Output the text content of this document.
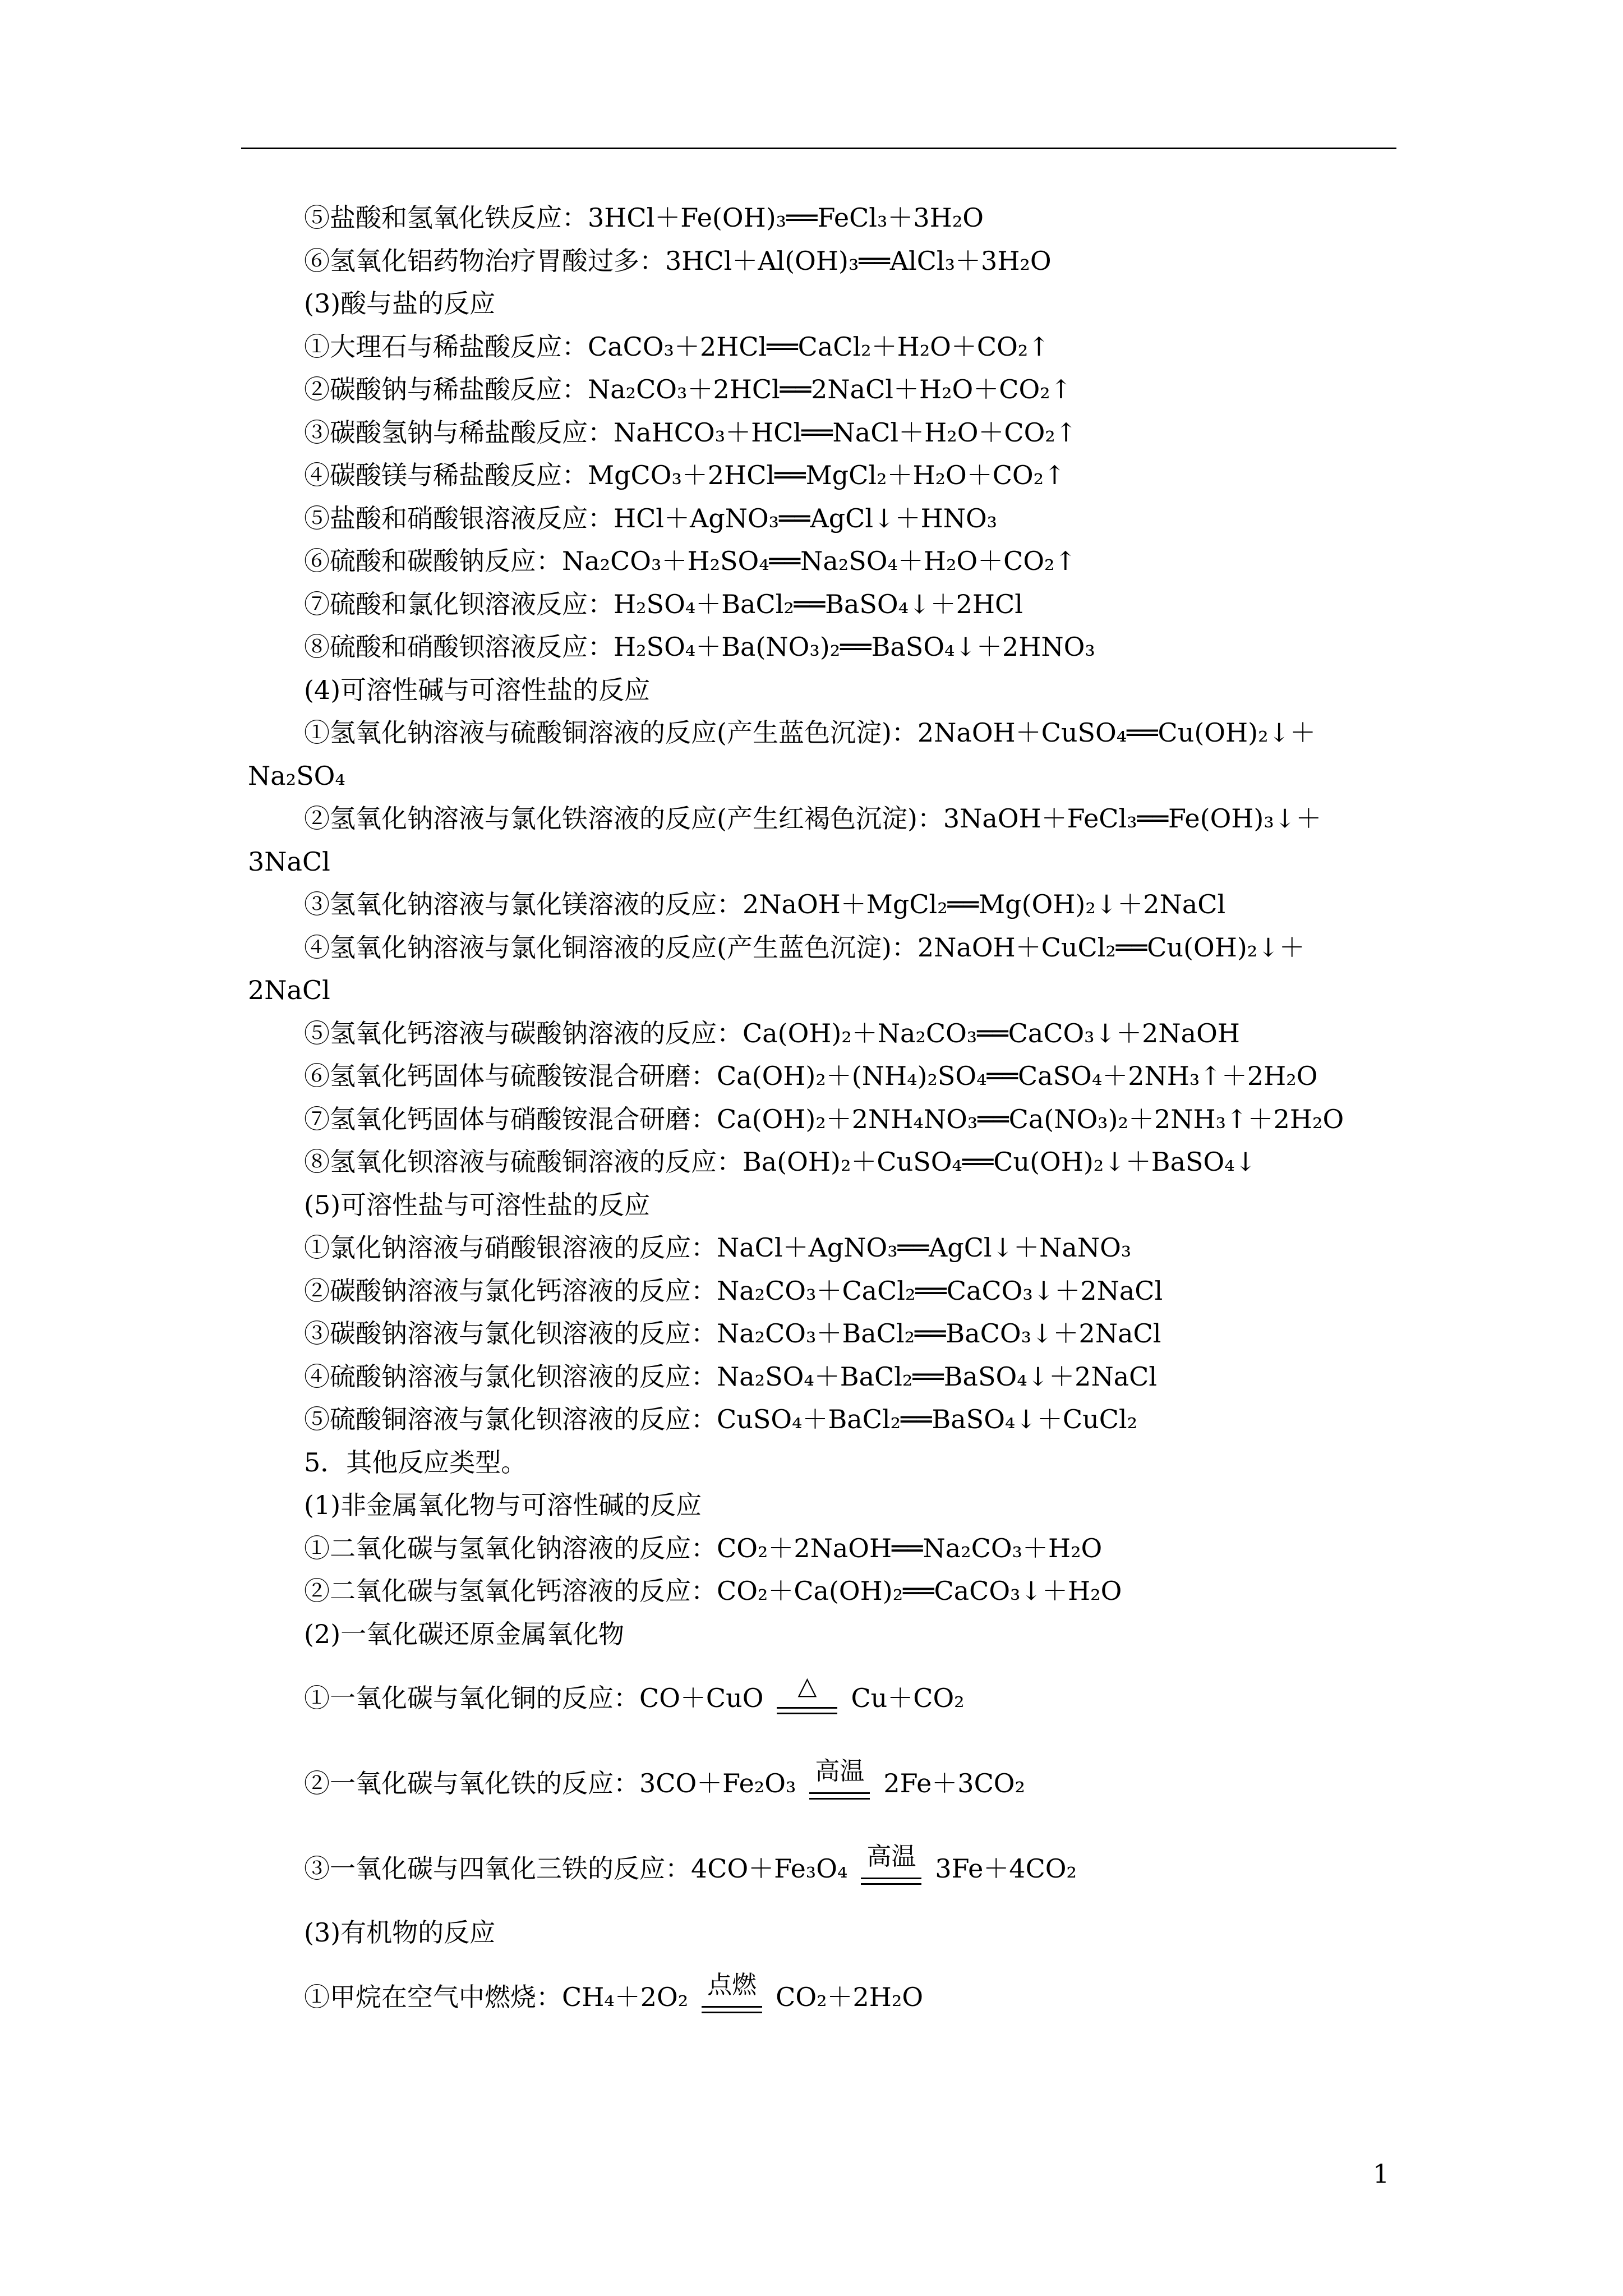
⑤盐酸和氢氧化铁反应：3HCl＋Fe(OH)₃══FeCl₃＋3H₂O
⑥氢氧化铝药物治疗胃酸过多：3HCl＋Al(OH)₃══AlCl₃＋3H₂O
(3)酸与盐的反应
①大理石与稀盐酸反应：CaCO₃＋2HCl══CaCl₂＋H₂O＋CO₂↑
②碳酸钠与稀盐酸反应：Na₂CO₃＋2HCl══2NaCl＋H₂O＋CO₂↑
③碳酸氢钠与稀盐酸反应：NaHCO₃＋HCl══NaCl＋H₂O＋CO₂↑
④碳酸镁与稀盐酸反应：MgCO₃＋2HCl══MgCl₂＋H₂O＋CO₂↑
⑤盐酸和硝酸银溶液反应：HCl＋AgNO₃══AgCl↓＋HNO₃
⑥硫酸和碳酸钠反应：Na₂CO₃＋H₂SO₄══Na₂SO₄＋H₂O＋CO₂↑
⑦硫酸和氯化钡溶液反应：H₂SO₄＋BaCl₂══BaSO₄↓＋2HCl
⑧硫酸和硝酸钡溶液反应：H₂SO₄＋Ba(NO₃)₂══BaSO₄↓＋2HNO₃
(4)可溶性碱与可溶性盐的反应
①氢氧化钠溶液与硫酸铜溶液的反应(产生蓝色沉淀)：2NaOH＋CuSO₄══Cu(OH)₂↓＋
Na₂SO₄
②氢氧化钠溶液与氯化铁溶液的反应(产生红褐色沉淀)：3NaOH＋FeCl₃══Fe(OH)₃↓＋
3NaCl
③氢氧化钠溶液与氯化镁溶液的反应：2NaOH＋MgCl₂══Mg(OH)₂↓＋2NaCl
④氢氧化钠溶液与氯化铜溶液的反应(产生蓝色沉淀)：2NaOH＋CuCl₂══Cu(OH)₂↓＋
2NaCl
⑤氢氧化钙溶液与碳酸钠溶液的反应：Ca(OH)₂＋Na₂CO₃══CaCO₃↓＋2NaOH
⑥氢氧化钙固体与硫酸铵混合研磨：Ca(OH)₂＋(NH₄)₂SO₄══CaSO₄＋2NH₃↑＋2H₂O
⑦氢氧化钙固体与硝酸铵混合研磨：Ca(OH)₂＋2NH₄NO₃══Ca(NO₃)₂＋2NH₃↑＋2H₂O
⑧氢氧化钡溶液与硫酸铜溶液的反应：Ba(OH)₂＋CuSO₄══Cu(OH)₂↓＋BaSO₄↓
(5)可溶性盐与可溶性盐的反应
①氯化钠溶液与硝酸银溶液的反应：NaCl＋AgNO₃══AgCl↓＋NaNO₃
②碳酸钠溶液与氯化钙溶液的反应：Na₂CO₃＋CaCl₂══CaCO₃↓＋2NaCl
③碳酸钠溶液与氯化钡溶液的反应：Na₂CO₃＋BaCl₂══BaCO₃↓＋2NaCl
④硫酸钠溶液与氯化钡溶液的反应：Na₂SO₄＋BaCl₂══BaSO₄↓＋2NaCl
⑤硫酸铜溶液与氯化钡溶液的反应：CuSO₄＋BaCl₂══BaSO₄↓＋CuCl₂
5．其他反应类型。
(1)非金属氧化物与可溶性碱的反应
①二氧化碳与氢氧化钠溶液的反应：CO₂＋2NaOH══Na₂CO₃＋H₂O
②二氧化碳与氢氧化钙溶液的反应：CO₂＋Ca(OH)₂══CaCO₃↓＋H₂O
(2)一氧化碳还原金属氧化物
①一氧化碳与氧化铜的反应：CO＋CuO	△	Cu＋CO₂
②一氧化碳与氧化铁的反应：3CO＋Fe₂O₃ 高温 2Fe＋3CO₂
③一氧化碳与四氧化三铁的反应：4CO＋Fe₃O₄ 高温 3Fe＋4CO₂
(3)有机物的反应
①甲烷在空气中燃烧：CH₄＋2O₂ 点燃 CO₂＋2H₂O
1
